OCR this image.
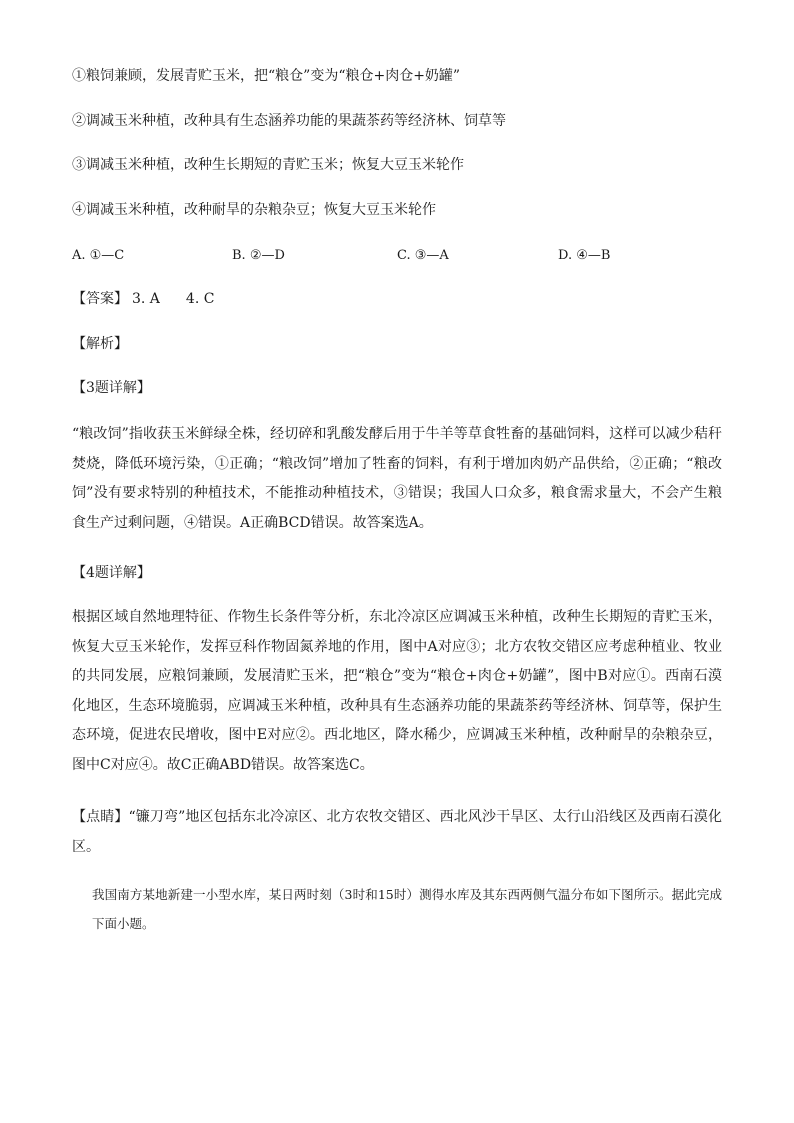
①粮饲兼顾，发展青贮玉米，把“粮仓”变为“粮仓+肉仓+奶罐”
②调减玉米种植，改种具有生态涵养功能的果蔬茶药等经济林、饲草等
③调减玉米种植，改种生长期短的青贮玉米；恢复大豆玉米轮作
④调减玉米种植，改种耐旱的杂粮杂豆；恢复大豆玉米轮作
A. ①—C	B. ②—D	C. ③—A	D. ④—B
【答案】 3. A 4. C
【解析】
【3题详解】

“粮改饲”指收获玉米鲜绿全株，经切碎和乳酸发酵后用于牛羊等草食牲畜的基础饲料，这样可以减少秸秆焚烧，降低环境污染，①正确；“粮改饲”增加了牲畜的饲料，有利于增加肉奶产品供给，②正确；“粮改饲”没有要求特别的种植技术，不能推动种植技术，③错误；我国人口众多，粮食需求量大，不会产生粮食生产过剩问题，④错误。A正确BCD错误。故答案选A。

【4题详解】

根据区域自然地理特征、作物生长条件等分析，东北冷凉区应调减玉米种植，改种生长期短的青贮玉米，恢复大豆玉米轮作，发挥豆科作物固氮养地的作用，图中A对应③；北方农牧交错区应考虑种植业、牧业的共同发展，应粮饲兼顾，发展清贮玉米，把“粮仓”变为“粮仓+肉仓+奶罐”，图中B对应①。西南石漠化地区，生态环境脆弱，应调减玉米种植，改种具有生态涵养功能的果蔬茶药等经济林、饲草等，保护生态环境，促进农民增收，图中E对应②。西北地区，降水稀少，应调减玉米种植，改种耐旱的杂粮杂豆，图中C对应④。故C正确ABD错误。故答案选C。

【点睛】“镰刀弯”地区包括东北冷凉区、北方农牧交错区、西北风沙干旱区、太行山沿线区及西南石漠化区。

我国南方某地新建一小型水库，某日两时刻（3时和15时）测得水库及其东西两侧气温分布如下图所示。据此完成下面小题。
